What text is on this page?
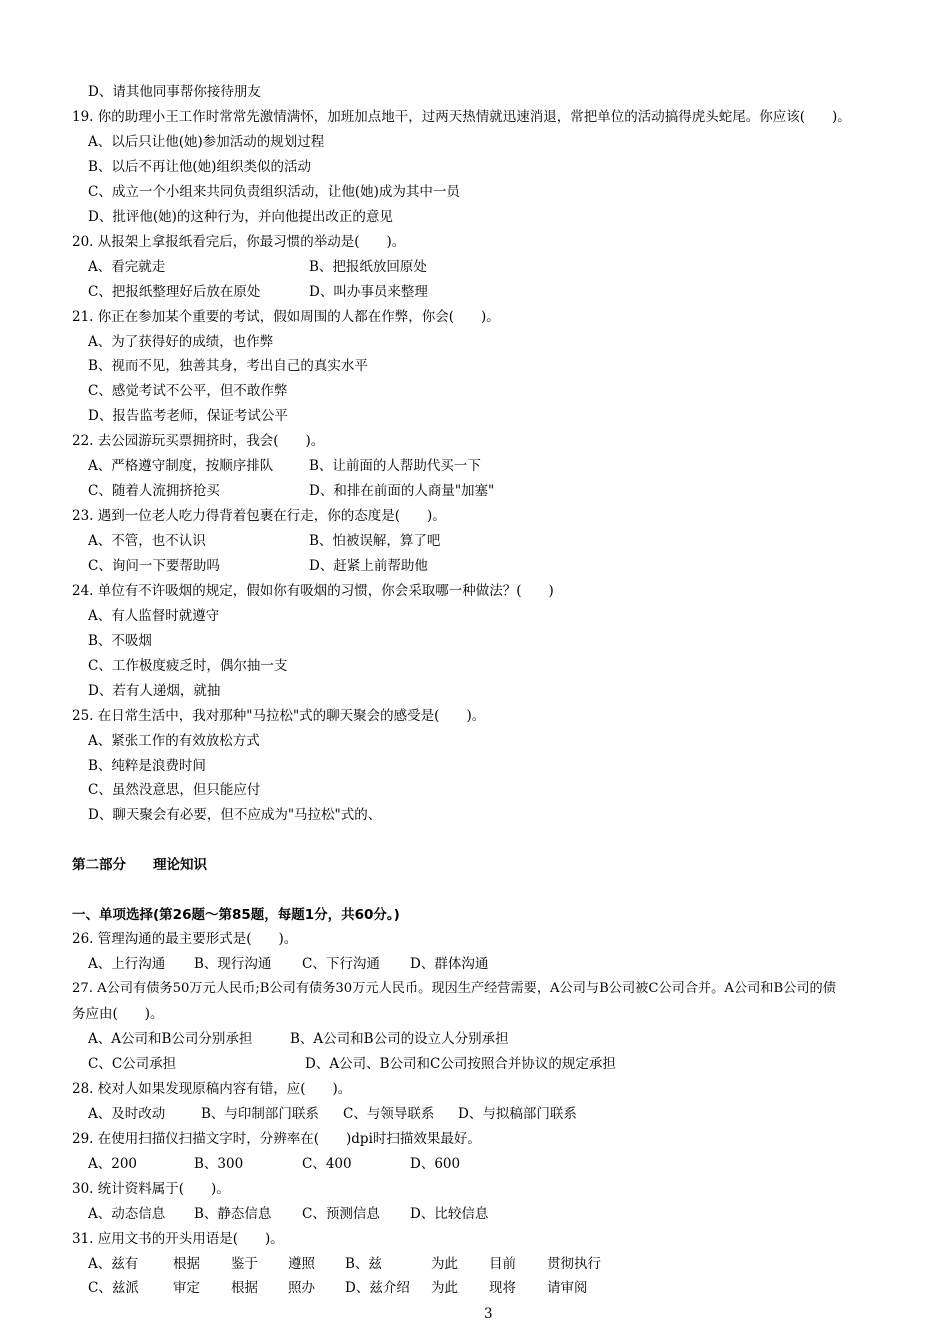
D、请其他同事帮你接待朋友
19. 你的助理小王工作时常常先激情满怀，加班加点地干，过两天热情就迅速消退，常把单位的活动搞得虎头蛇尾。你应该(　　)。
A、以后只让他(她)参加活动的规划过程
B、以后不再让他(她)组织类似的活动
C、成立一个小组来共同负责组织活动，让他(她)成为其中一员
D、批评他(她)的这种行为，并向他提出改正的意见
20. 从报架上拿报纸看完后，你最习惯的举动是(　　)。
A、看完就走	B、把报纸放回原处
C、把报纸整理好后放在原处	D、叫办事员来整理
21. 你正在参加某个重要的考试，假如周围的人都在作弊，你会(　　)。
A、为了获得好的成绩，也作弊
B、视而不见，独善其身，考出自己的真实水平
C、感觉考试不公平，但不敢作弊
D、报告监考老师，保证考试公平
22. 去公园游玩买票拥挤时，我会(　　)。
A、严格遵守制度，按顺序排队	B、让前面的人帮助代买一下
C、随着人流拥挤抢买	D、和排在前面的人商量"加塞"
23. 遇到一位老人吃力得背着包裹在行走，你的态度是(　　)。
A、不管，也不认识	B、怕被误解，算了吧
C、询问一下要帮助吗	D、赶紧上前帮助他
24. 单位有不许吸烟的规定，假如你有吸烟的习惯，你会采取哪一种做法？(　　)
A、有人监督时就遵守
B、不吸烟
C、工作极度疲乏时，偶尔抽一支
D、若有人递烟，就抽
25. 在日常生活中，我对那种"马拉松"式的聊天聚会的感受是(　　)。
A、紧张工作的有效放松方式
B、纯粹是浪费时间
C、虽然没意思，但只能应付
D、聊天聚会有必要，但不应成为"马拉松"式的、
第二部分　　理论知识
一、单项选择(第26题～第85题，每题1分，共60分。)
26. 管理沟通的最主要形式是(　　)。
A、上行沟通 B、现行沟通 C、下行沟通 D、群体沟通
27. A公司有债务50万元人民币;B公司有债务30万元人民币。现因生产经营需要，A公司与B公司被C公司合并。A公司和B公司的债
务应由(　　)。
A、A公司和B公司分别承担	B、A公司和B公司的设立人分别承担
C、C公司承担	D、A公司、B公司和C公司按照合并协议的规定承担
28. 校对人如果发现原稿内容有错，应(　　)。
A、及时改动	B、与印制部门联系 C、与领导联系 D、与拟稿部门联系
29. 在使用扫描仪扫描文字时，分辨率在(　　)dpi时扫描效果最好。
A、200	B、300	C、400	D、600
30. 统计资料属于(　　)。
A、动态信息 B、静态信息 C、预测信息 D、比较信息
31. 应用文书的开头用语是(　　)。
A、兹有	根据 鉴于 遵照 B、兹	为此 目前 贯彻执行
C、兹派	审定 根据 照办 D、兹介绍 为此 现将 请审阅
3
